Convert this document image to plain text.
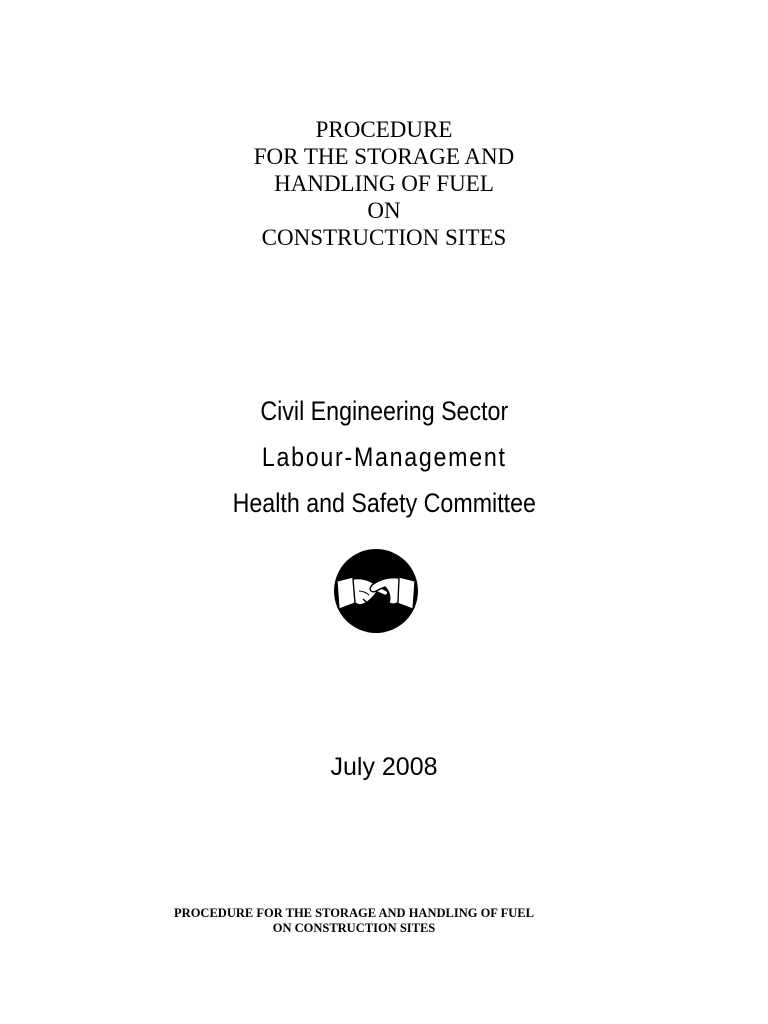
PROCEDURE
FOR THE STORAGE AND
HANDLING OF FUEL
ON
CONSTRUCTION SITES
Civil Engineering Sector
Labour-Management
Health and Safety Committee
July 2008
PROCEDURE FOR THE STORAGE AND HANDLING OF FUEL
ON CONSTRUCTION SITES
